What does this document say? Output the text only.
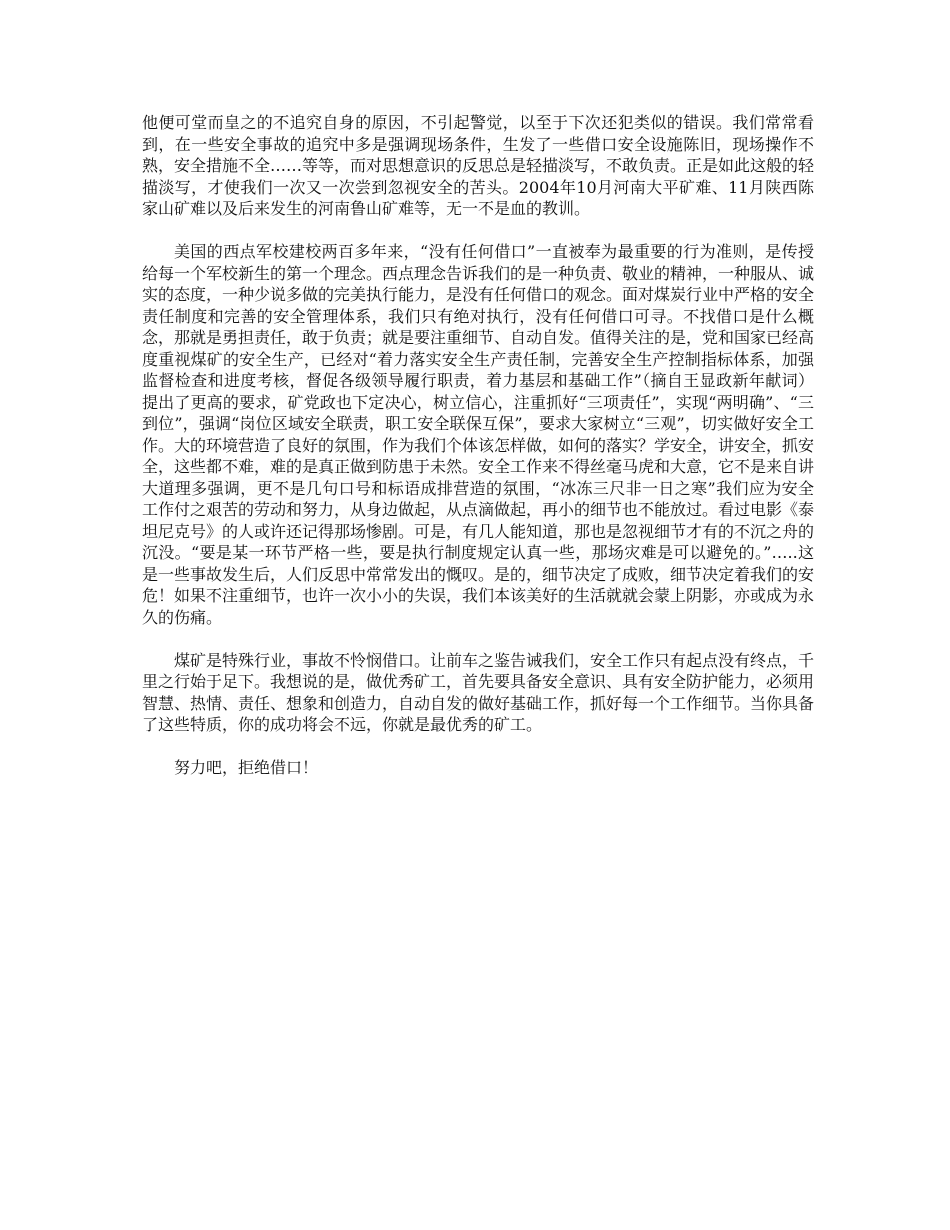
他便可堂而皇之的不追究自身的原因，不引起警觉，以至于下次还犯类似的错误。我们常常看到，在一些安全事故的追究中多是强调现场条件，生发了一些借口安全设施陈旧，现场操作不熟，安全措施不全……等等，而对思想意识的反思总是轻描淡写，不敢负责。正是如此这般的轻描淡写，才使我们一次又一次尝到忽视安全的苦头。2004年10月河南大平矿难、11月陕西陈家山矿难以及后来发生的河南鲁山矿难等，无一不是血的教训。

美国的西点军校建校两百多年来，“没有任何借口”一直被奉为最重要的行为准则，是传授给每一个军校新生的第一个理念。西点理念告诉我们的是一种负责、敬业的精神，一种服从、诚实的态度，一种少说多做的完美执行能力，是没有任何借口的观念。面对煤炭行业中严格的安全责任制度和完善的安全管理体系，我们只有绝对执行，没有任何借口可寻。不找借口是什么概念，那就是勇担责任，敢于负责；就是要注重细节、自动自发。值得关注的是，党和国家已经高度重视煤矿的安全生产，已经对“着力落实安全生产责任制，完善安全生产控制指标体系，加强监督检查和进度考核，督促各级领导履行职责，着力基层和基础工作”（摘自王显政新年献词）提出了更高的要求，矿党政也下定决心，树立信心，注重抓好“三项责任”，实现“两明确”、“三到位”，强调“岗位区域安全联责，职工安全联保互保”，要求大家树立“三观”，切实做好安全工作。大的环境营造了良好的氛围，作为我们个体该怎样做，如何的落实？学安全，讲安全，抓安全，这些都不难，难的是真正做到防患于未然。安全工作来不得丝毫马虎和大意，它不是来自讲大道理多强调，更不是几句口号和标语成排营造的氛围，“冰冻三尺非一日之寒”我们应为安全工作付之艰苦的劳动和努力，从身边做起，从点滴做起，再小的细节也不能放过。看过电影《泰坦尼克号》的人或许还记得那场惨剧。可是，有几人能知道，那也是忽视细节才有的不沉之舟的沉没。“要是某一环节严格一些，要是执行制度规定认真一些，那场灾难是可以避免的。”…..这是一些事故发生后，人们反思中常常发出的慨叹。是的，细节决定了成败，细节决定着我们的安危！如果不注重细节，也许一次小小的失误，我们本该美好的生活就就会蒙上阴影，亦或成为永久的伤痛。

煤矿是特殊行业，事故不怜悯借口。让前车之鉴告诫我们，安全工作只有起点没有终点，千里之行始于足下。我想说的是，做优秀矿工，首先要具备安全意识、具有安全防护能力，必须用智慧、热情、责任、想象和创造力，自动自发的做好基础工作，抓好每一个工作细节。当你具备了这些特质，你的成功将会不远，你就是最优秀的矿工。

努力吧，拒绝借口！
